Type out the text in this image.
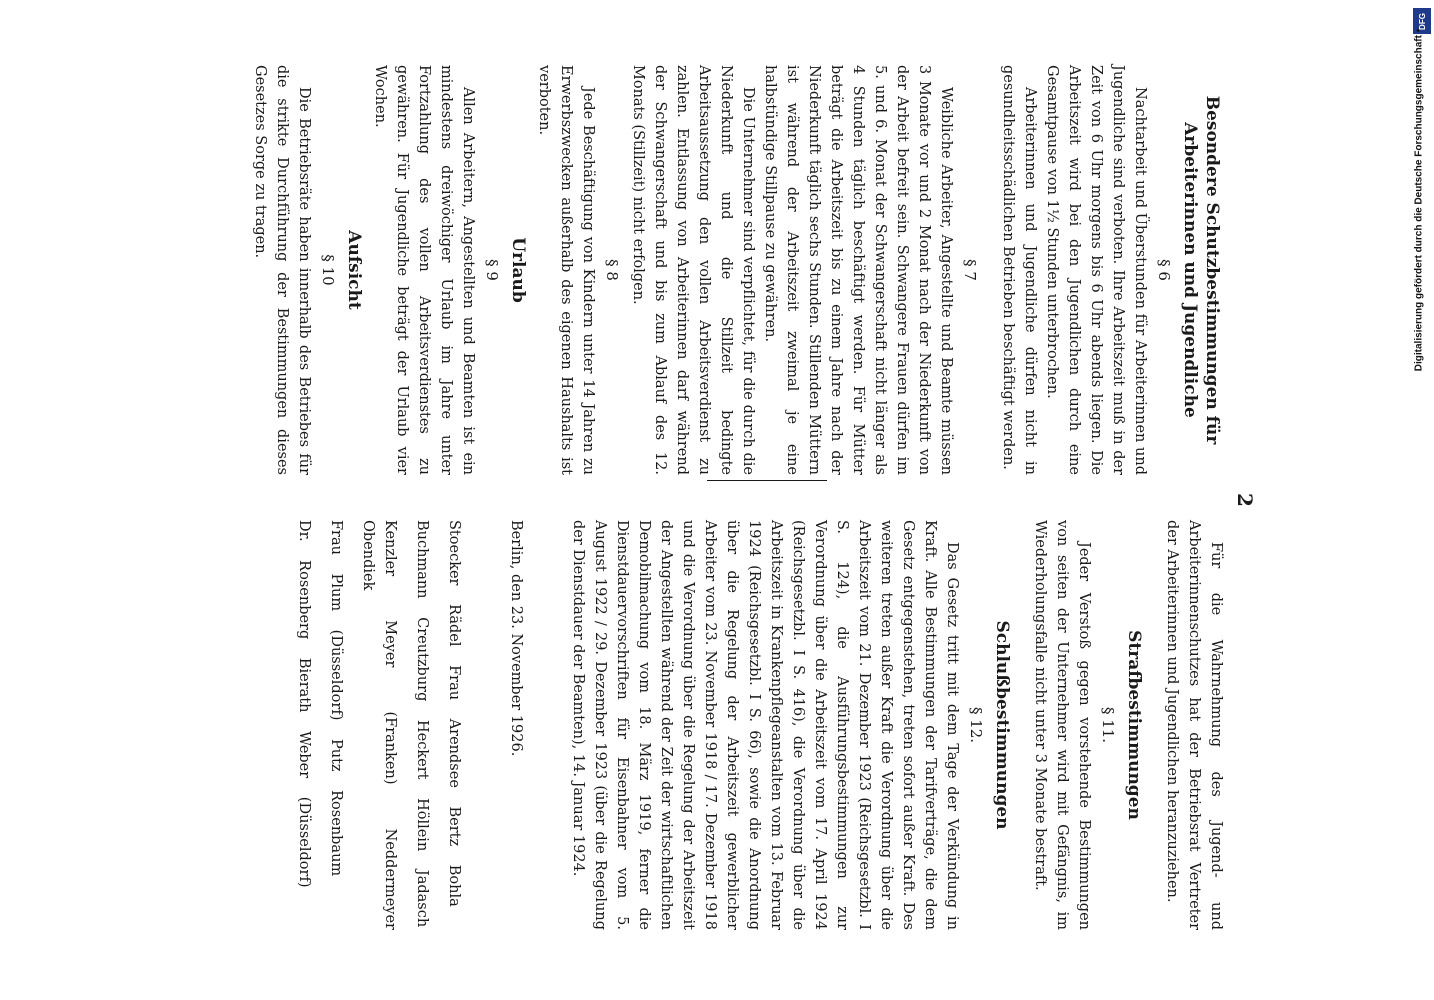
2
Besondere Schutzbestimmungen für Arbeiterinnen und Jugendliche
§ 6

Nachtarbeit und Überstunden für Arbeiterinnen und Jugendliche sind verboten. Ihre Arbeitszeit muß in der Zeit von 6 Uhr morgens bis 6 Uhr abends liegen. Die Arbeitszeit wird bei den Jugendlichen durch eine Gesamtpause von 1½ Stunden unterbrochen.

Arbeiterinnen und Jugendliche dürfen nicht in gesundheitsschädlichen Betrieben beschäftigt werden.

§ 7

Weibliche Arbeiter, Angestellte und Beamte müssen 3 Monate vor und 2 Monat nach der Niederkunft von der Arbeit befreit sein. Schwangere Frauen dürfen im 5. und 6. Monat der Schwangerschaft nicht länger als 4 Stunden täglich beschäftigt werden. Für Mütter beträgt die Arbeitszeit bis zu einem Jahre nach der Niederkunft täglich sechs Stunden. Stillenden Müttern ist während der Arbeitszeit zweimal je eine halbstündige Stillpause zu gewähren.

Die Unternehmer sind verpflichtet, für die durch die Niederkunft und die Stillzeit bedingte Arbeitsaussetzung den vollen Arbeitsverdienst zu zahlen. Entlassung von Arbeiterinnen darf während der Schwangerschaft und bis zum Ablauf des 12. Monats (Stillzeit) nicht erfolgen.

§ 8

Jede Beschäftigung von Kindern unter 14 Jahren zu Erwerbszwecken außerhalb des eigenen Haushalts ist verboten.

Urlaub
§ 9

Allen Arbeitern, Angestellten und Beamten ist ein mindestens dreiwöchiger Urlaub im Jahre unter Fortzahlung des vollen Arbeitsverdienstes zu gewähren. Für Jugendliche beträgt der Urlaub vier Wochen.

Aufsicht
§ 10

Die Betriebsräte haben innerhalb des Betriebes für die strikte Durchführung der Bestimmungen dieses Gesetzes Sorge zu tragen.

Für die Wahrnehmung des Jugend- und Arbeiterinnenschutzes hat der Betriebsrat Vertreter der Arbeiterinnen und Jugendlichen heranzuziehen.

Strafbestimmungen
§ 11.

Jeder Verstoß gegen vorstehende Bestimmungen von seiten der Unternehmer wird mit Gefängnis, im Wiederholungsfalle nicht unter 3 Monate bestraft.

Schlußbestimmungen
§ 12.

Das Gesetz tritt mit dem Tage der Verkündung in Kraft. Alle Bestimmungen der Tarifverträge, die dem Gesetz entgegenstehen, treten sofort außer Kraft. Des weiteren treten außer Kraft die Verordnung über die Arbeitszeit vom 21. Dezember 1923 (Reichsgesetzbl. I S. 124), die Ausführungsbestimmungen zur Verordnung über die Arbeitszeit vom 17. April 1924 (Reichsgesetzbl. I S. 416), die Verordnung über die Arbeitszeit in Krankenpflegeanstalten vom 13. Februar 1924 (Reichsgesetzbl. I S. 66), sowie die Anordnung über die Regelung der Arbeitszeit gewerblicher Arbeiter vom 23. November 1918 / 17. Dezember 1918 und die Verordnung über die Regelung der Arbeitszeit der Angestellten während der Zeit der wirtschaftlichen Demobilmachung vom 18. März 1919, ferner die Dienstdauervorschriften für Eisenbahner vom 5. August 1922 / 29. Dezember 1923 (über die Regelung der Dienstdauer der Beamten), 14. Januar 1924.

Berlin, den 23. November 1926.

Stoecker Rädel Frau Arendsee Bertz Bohla

Buchmann Creutzburg Heckert Höllein Jadasch

Kenzler Meyer (Franken) Neddermeyer Obendiek

Frau Plum (Düsseldorf) Putz Rosenbaum

Dr. Rosenberg Bierath Weber (Düsseldorf)

DFG
Digitalisierung gefördert durch die Deutsche Forschungsgemeinschaft •
